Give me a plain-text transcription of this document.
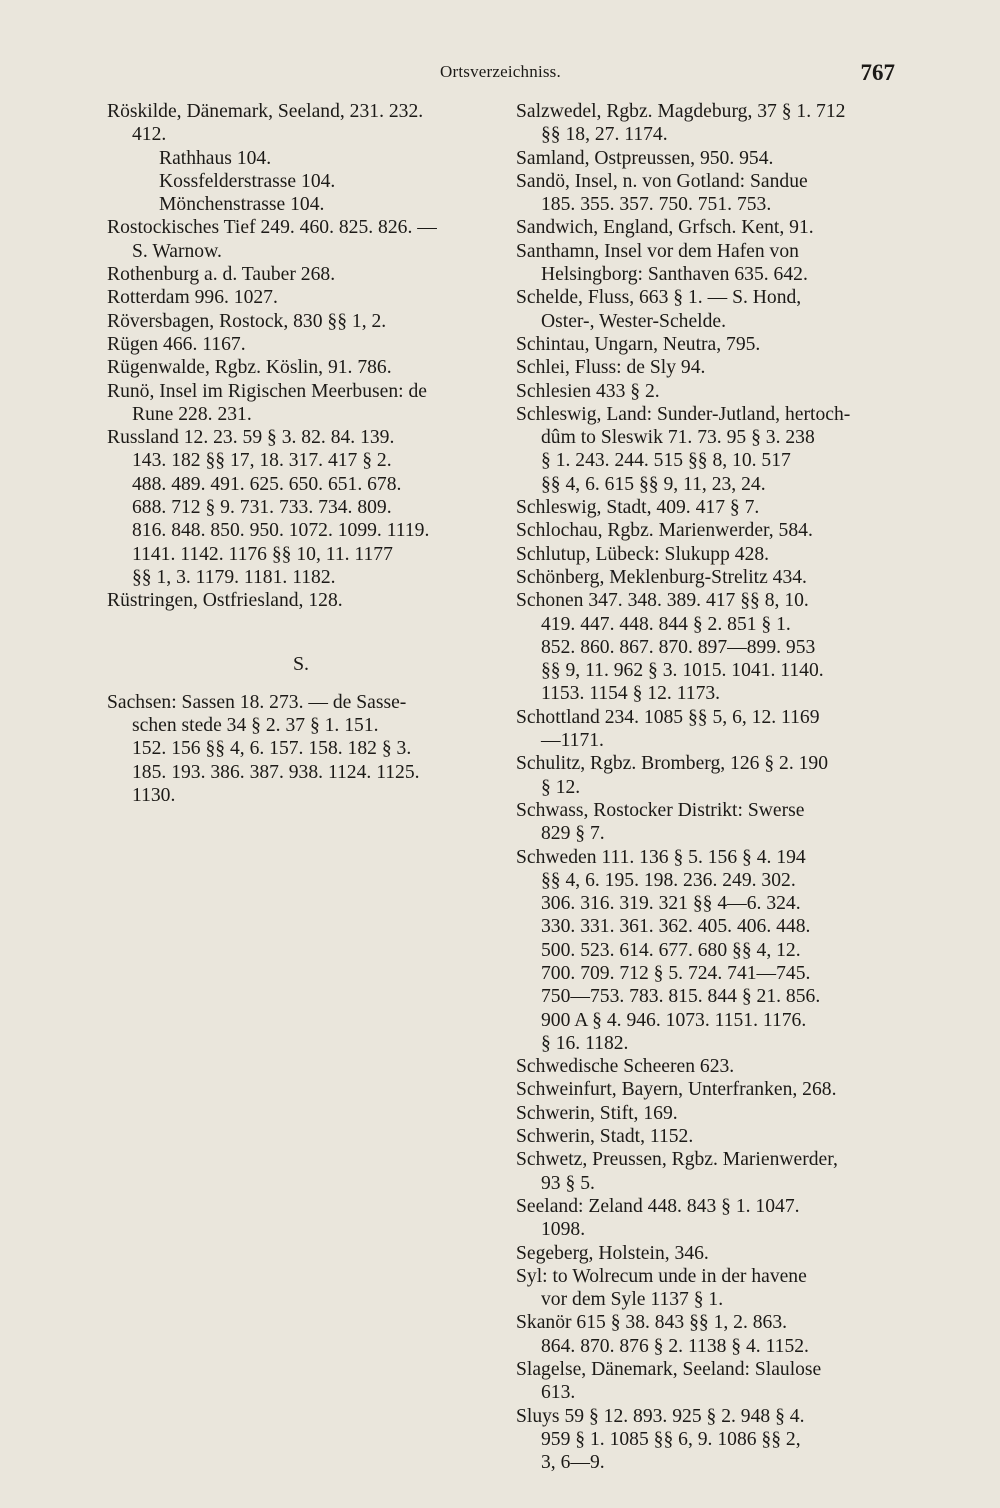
Ortsverzeichniss.	767
Röskilde, Dänemark, Seeland, 231. 232.
412.
Rathhaus 104.
Kossfelderstrasse 104.
Mönchenstrasse 104.
Rostockisches Tief 249. 460. 825. 826. —
S. Warnow.
Rothenburg a. d. Tauber 268.
Rotterdam 996. 1027.
Röversbagen, Rostock, 830 §§ 1, 2.
Rügen 466. 1167.
Rügenwalde, Rgbz. Köslin, 91. 786.
Runö, Insel im Rigischen Meerbusen: de
Rune 228. 231.
Russland 12. 23. 59 § 3. 82. 84. 139.
143. 182 §§ 17, 18. 317. 417 § 2.
488. 489. 491. 625. 650. 651. 678.
688. 712 § 9. 731. 733. 734. 809.
816. 848. 850. 950. 1072. 1099. 1119.
1141. 1142. 1176 §§ 10, 11. 1177
§§ 1, 3. 1179. 1181. 1182.
Rüstringen, Ostfriesland, 128.
S.
Sachsen: Sassen 18. 273. — de Sasse-
schen stede 34 § 2. 37 § 1. 151.
152. 156 §§ 4, 6. 157. 158. 182 § 3.
185. 193. 386. 387. 938. 1124. 1125.
1130.
Salzwedel, Rgbz. Magdeburg, 37 § 1. 712
§§ 18, 27. 1174.
Samland, Ostpreussen, 950. 954.
Sandö, Insel, n. von Gotland: Sandue
185. 355. 357. 750. 751. 753.
Sandwich, England, Grfsch. Kent, 91.
Santhamn, Insel vor dem Hafen von
Helsingborg: Santhaven 635. 642.
Schelde, Fluss, 663 § 1. — S. Hond,
Oster-, Wester-Schelde.
Schintau, Ungarn, Neutra, 795.
Schlei, Fluss: de Sly 94.
Schlesien 433 § 2.
Schleswig, Land: Sunder-Jutland, hertoch-
dûm to Sleswik 71. 73. 95 § 3. 238
§ 1. 243. 244. 515 §§ 8, 10. 517
§§ 4, 6. 615 §§ 9, 11, 23, 24.
Schleswig, Stadt, 409. 417 § 7.
Schlochau, Rgbz. Marienwerder, 584.
Schlutup, Lübeck: Slukupp 428.
Schönberg, Meklenburg-Strelitz 434.
Schonen 347. 348. 389. 417 §§ 8, 10.
419. 447. 448. 844 § 2. 851 § 1.
852. 860. 867. 870. 897—899. 953
§§ 9, 11. 962 § 3. 1015. 1041. 1140.
1153. 1154 § 12. 1173.
Schottland 234. 1085 §§ 5, 6, 12. 1169
—1171.
Schulitz, Rgbz. Bromberg, 126 § 2. 190
§ 12.
Schwass, Rostocker Distrikt: Swerse
829 § 7.
Schweden 111. 136 § 5. 156 § 4. 194
§§ 4, 6. 195. 198. 236. 249. 302.
306. 316. 319. 321 §§ 4—6. 324.
330. 331. 361. 362. 405. 406. 448.
500. 523. 614. 677. 680 §§ 4, 12.
700. 709. 712 § 5. 724. 741—745.
750—753. 783. 815. 844 § 21. 856.
900 A § 4. 946. 1073. 1151. 1176.
§ 16. 1182.
Schwedische Scheeren 623.
Schweinfurt, Bayern, Unterfranken, 268.
Schwerin, Stift, 169.
Schwerin, Stadt, 1152.
Schwetz, Preussen, Rgbz. Marienwerder,
93 § 5.
Seeland: Zeland 448. 843 § 1. 1047.
1098.
Segeberg, Holstein, 346.
Syl: to Wolrecum unde in der havene
vor dem Syle 1137 § 1.
Skanör 615 § 38. 843 §§ 1, 2. 863.
864. 870. 876 § 2. 1138 § 4. 1152.
Slagelse, Dänemark, Seeland: Slaulose
613.
Sluys 59 § 12. 893. 925 § 2. 948 § 4.
959 § 1. 1085 §§ 6, 9. 1086 §§ 2,
3, 6—9.
